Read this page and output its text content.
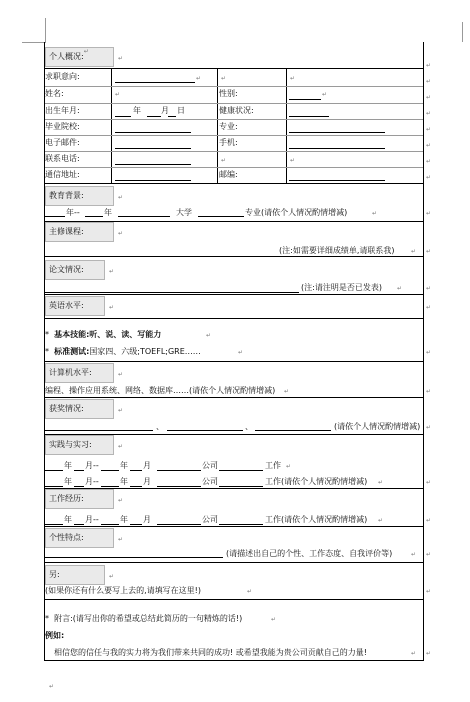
个人概况:
↵
↵
↵
求职意向:	↵	↵	↵	↵
姓名:	↵	性别:	↵	↵
出生年月:	年	月 日	健康状况:	↵
毕业院校:	专业:	↵
电子邮件:	手机:	↵
联系电话:	↵	↵	↵
通信地址:	邮编:	↵
教育背景:	↵
年--	年	大学	专业(请依个人情况酌情增减)	↵	↵
主修课程:	↵
(注:如需要详细成绩单,请联系我)	↵ ↵
论文情况:	↵
(注:请注明是否已发表)	↵	↵
英语水平:	↵	↵
*  基本技能:听、说、读、写能力	↵
*  标准测试:国家四、六级;TOEFL;GRE……	↵	↵
计算机水平:	↵
编程、操作应用系统、网络、数据库……(请依个人情况酌情增减) ↵	↵
获奖情况:	↵
、	、	(请依个人情况酌情增减) ↵
实践与实习:	↵
年 月--	年 月	公司	工作 ↵
年 月--	年 月	公司	工作(请依个人情况酌情增减) ↵	↵
工作经历:	↵
年 月--	年 月	公司	工作(请依个人情况酌情增减) ↵	↵
个性特点:	↵
(请描述出自己的个性、工作态度、自我评价等)	↵ ↵
另:	↵
(如果你还有什么要写上去的,请填写在这里!)	↵	↵
*  附言:(请写出你的希望或总结此简历的一句精炼的话!)	↵
例如:
相信您的信任与我的实力将为我们带来共同的成功! 或希望我能为贵公司贡献自己的力量!	↵ ↵
↵
